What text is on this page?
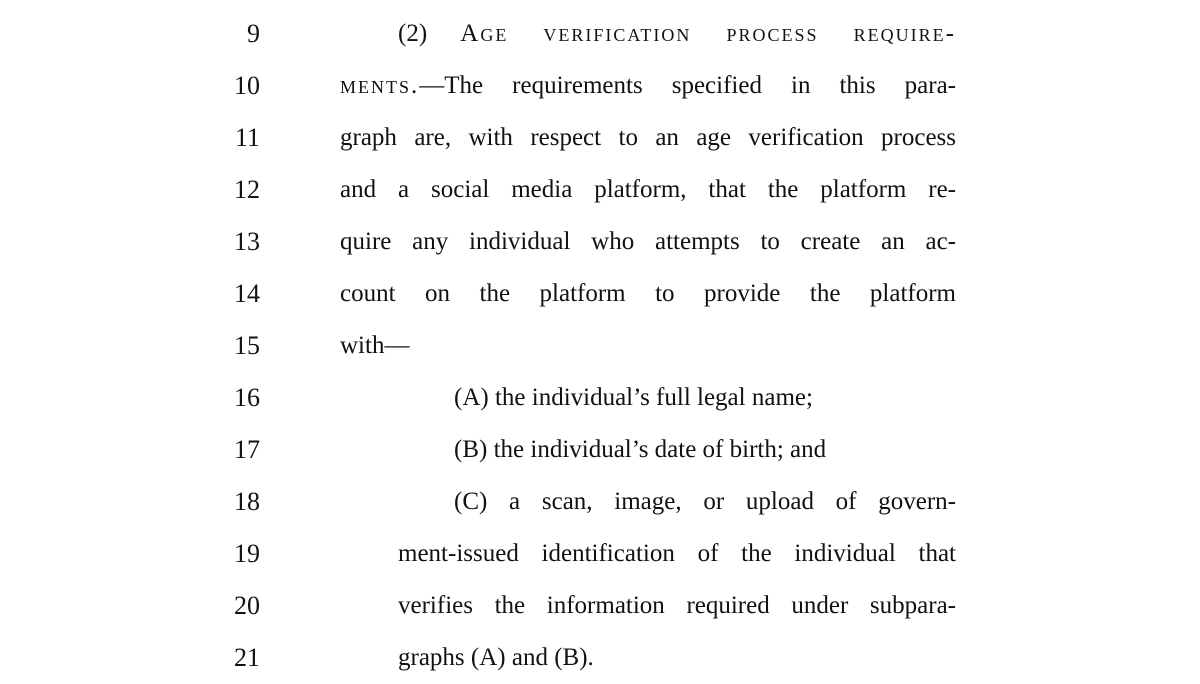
9	(2) Age verification process require-
10	ments.—The requirements specified in this para-
11	graph are, with respect to an age verification process
12	and a social media platform, that the platform re-
13	quire any individual who attempts to create an ac-
14	count on the platform to provide the platform
15	with—
16	(A) the individual’s full legal name;
17	(B) the individual’s date of birth; and
18	(C) a scan, image, or upload of govern-
19	ment-issued identification of the individual that
20	verifies the information required under subpara-
21	graphs (A) and (B).
